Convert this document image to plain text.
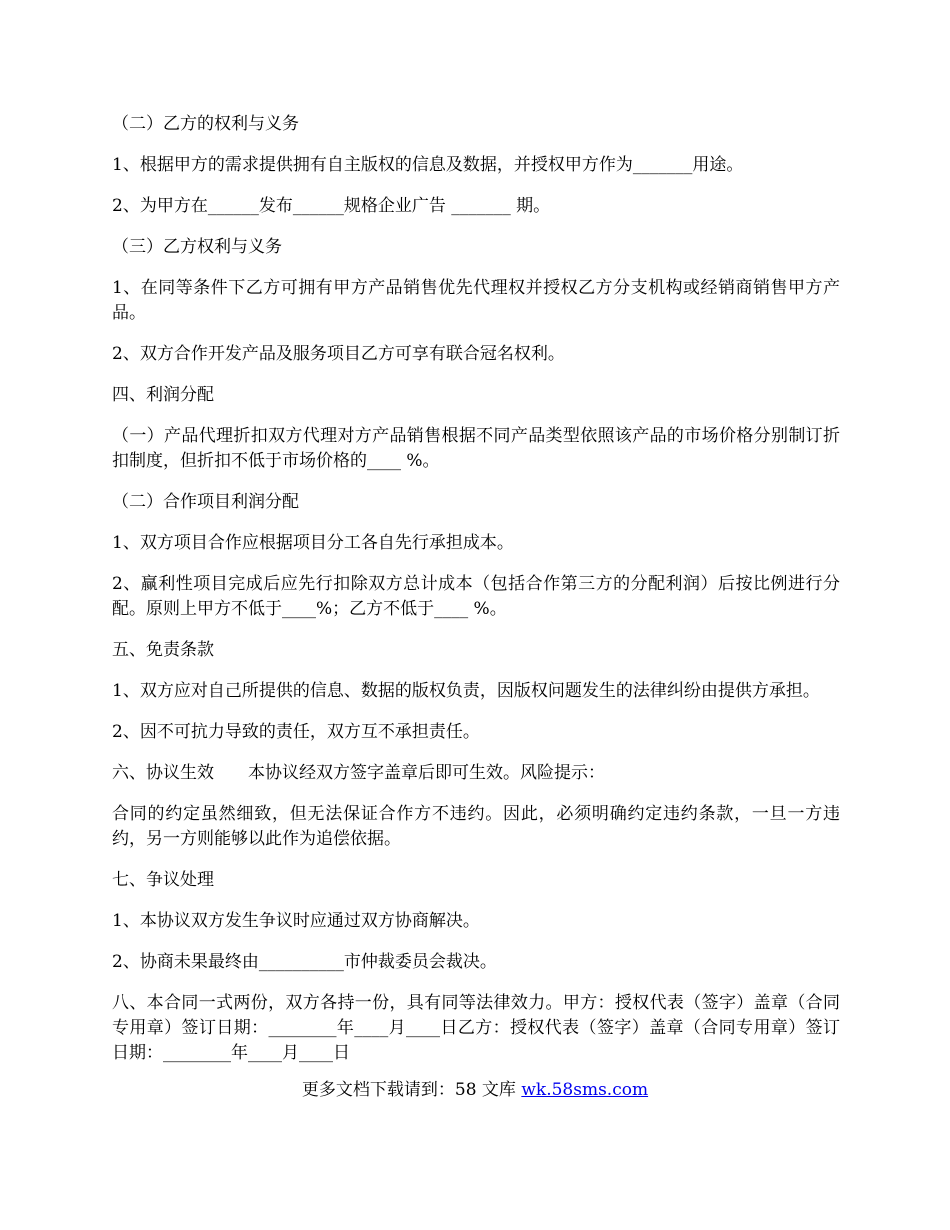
（二）乙方的权利与义务

1、根据甲方的需求提供拥有自主版权的信息及数据，并授权甲方作为_______用途。

2、为甲方在______发布______规格企业广告 _______ 期。

（三）乙方权利与义务

1、在同等条件下乙方可拥有甲方产品销售优先代理权并授权乙方分支机构或经销商销售甲方产品。

2、双方合作开发产品及服务项目乙方可享有联合冠名权利。

四、利润分配

（一）产品代理折扣双方代理对方产品销售根据不同产品类型依照该产品的市场价格分别制订折扣制度，但折扣不低于市场价格的____ %。

（二）合作项目利润分配

1、双方项目合作应根据项目分工各自先行承担成本。

2、赢利性项目完成后应先行扣除双方总计成本（包括合作第三方的分配利润）后按比例进行分配。原则上甲方不低于____%；乙方不低于____ %。

五、免责条款

1、双方应对自己所提供的信息、数据的版权负责，因版权问题发生的法律纠纷由提供方承担。

2、因不可抗力导致的责任，双方互不承担责任。

六、协议生效　　本协议经双方签字盖章后即可生效。风险提示：

合同的约定虽然细致，但无法保证合作方不违约。因此，必须明确约定违约条款，一旦一方违约，另一方则能够以此作为追偿依据。

七、争议处理

1、本协议双方发生争议时应通过双方协商解决。

2、协商未果最终由__________市仲裁委员会裁决。

八、本合同一式两份，双方各持一份，具有同等法律效力。甲方：授权代表（签字）盖章（合同专用章）签订日期：________年____月____日乙方：授权代表（签字）盖章（合同专用章）签订日期：________年____月____日

更多文档下载请到：58 文库 wk.58sms.com
